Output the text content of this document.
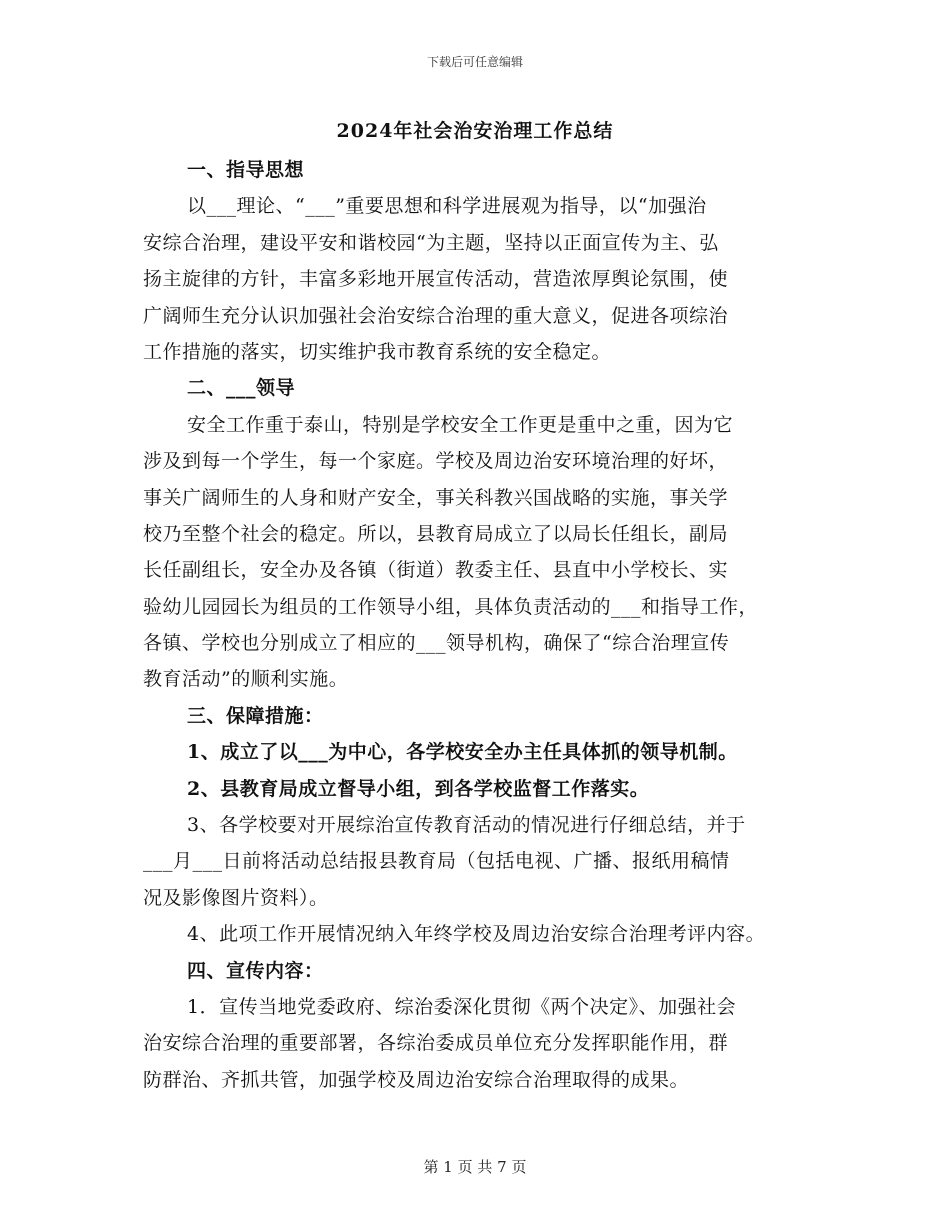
下载后可任意编辑
2024年社会治安治理工作总结
一、指导思想
以___理论、“___”重要思想和科学进展观为指导，以“加强治
安综合治理，建设平安和谐校园“为主题，坚持以正面宣传为主、弘
扬主旋律的方针，丰富多彩地开展宣传活动，营造浓厚舆论氛围，使
广阔师生充分认识加强社会治安综合治理的重大意义，促进各项综治
工作措施的落实，切实维护我市教育系统的安全稳定。
二、___领导
安全工作重于泰山，特别是学校安全工作更是重中之重，因为它
涉及到每一个学生，每一个家庭。学校及周边治安环境治理的好坏，
事关广阔师生的人身和财产安全，事关科教兴国战略的实施，事关学
校乃至整个社会的稳定。所以，县教育局成立了以局长任组长，副局
长任副组长，安全办及各镇（街道）教委主任、县直中小学校长、实
验幼儿园园长为组员的工作领导小组，具体负责活动的___和指导工作，
各镇、学校也分别成立了相应的___领导机构，确保了“综合治理宣传
教育活动”的顺利实施。
三、保障措施：
1、成立了以___为中心，各学校安全办主任具体抓的领导机制。
2、县教育局成立督导小组，到各学校监督工作落实。
3、各学校要对开展综治宣传教育活动的情况进行仔细总结，并于
___月___日前将活动总结报县教育局（包括电视、广播、报纸用稿情
况及影像图片资料）。
4、此项工作开展情况纳入年终学校及周边治安综合治理考评内容。
四、宣传内容：
1．宣传当地党委政府、综治委深化贯彻《两个决定》、加强社会
治安综合治理的重要部署，各综治委成员单位充分发挥职能作用，群
防群治、齐抓共管，加强学校及周边治安综合治理取得的成果。
第 1 页 共 7 页
